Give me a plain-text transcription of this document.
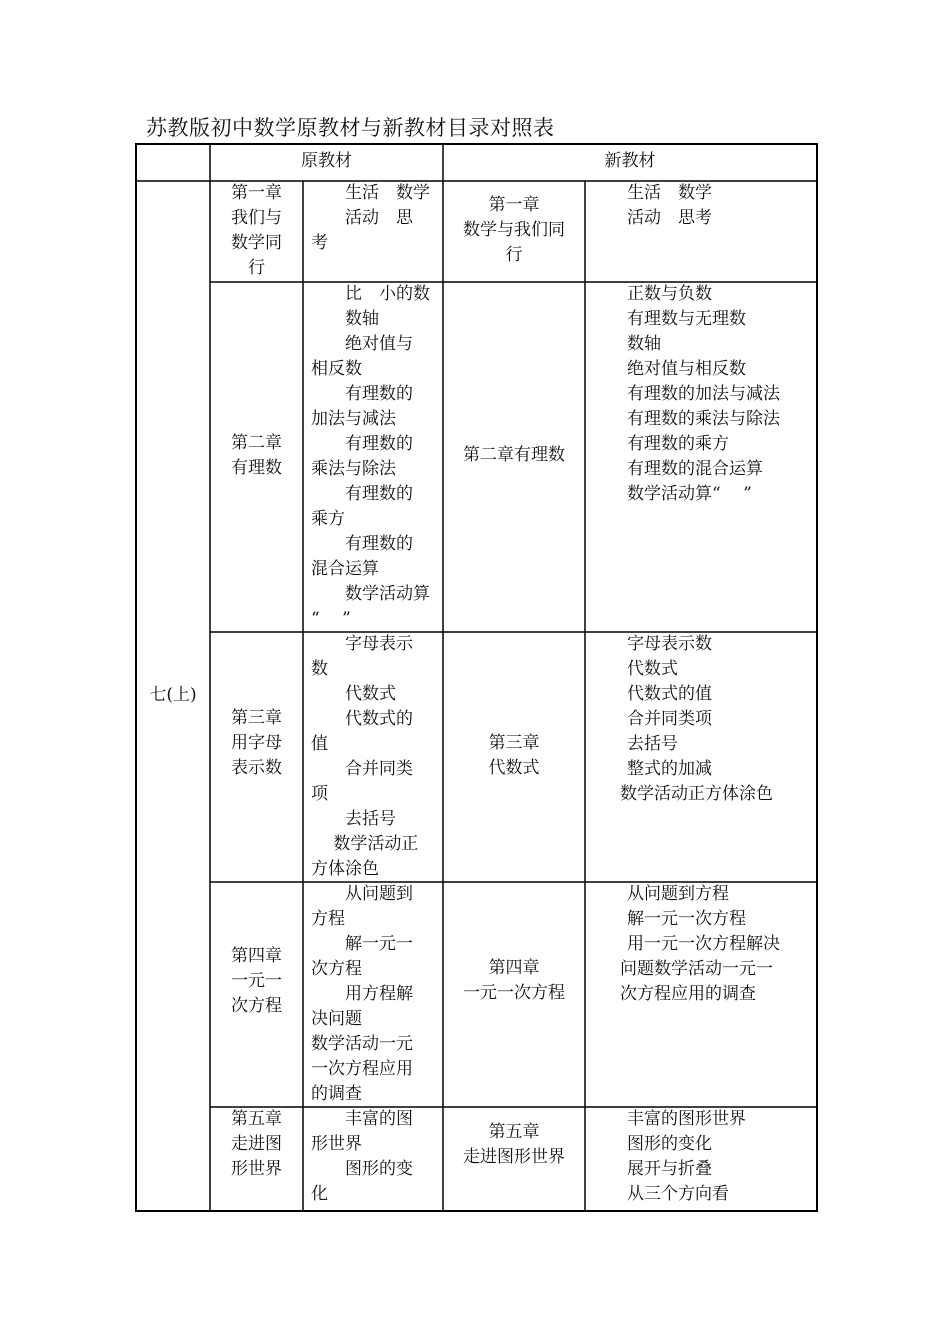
苏教版初中数学原教材与新教材目录对照表
原教材	新教材
七(上)
第一章
我们与
数学同
行
　　生活　数学
　　活动　思
考
第一章
数学与我们同
行
　生活　数学
　活动　思考
第二章
有理数
　　比　小的数
　　数轴
　　绝对值与
相反数
　　有理数的
加法与减法
　　有理数的
乘法与除法
　　有理数的
乘方
　　有理数的
混合运算
　　数学活动算
“　 ”
第二章有理数
　正数与负数
　有理数与无理数
　数轴
　绝对值与相反数
　有理数的加法与减法
　有理数的乘法与除法
　有理数的乘方
　有理数的混合运算
　数学活动算“　 ”
第三章
用字母
表示数
　　字母表示
数
　　代数式
　　代数式的
值
　　合并同类
项
　　去括号
　 数学活动正
方体涂色
第三章
代数式
　字母表示数
　代数式
　代数式的值
　合并同类项
　去括号
　整式的加减
数学活动正方体涂色
第四章
一元一
次方程
　　从问题到
方程
　　解一元一
次方程
　　用方程解
决问题
数学活动一元
一次方程应用
的调查
第四章
一元一次方程
　从问题到方程
　解一元一次方程
　用一元一次方程解决
问题数学活动一元一
次方程应用的调查
第五章
走进图
形世界
　　丰富的图
形世界
　　图形的变
化
第五章
走进图形世界
　丰富的图形世界
　图形的变化
　展开与折叠
　从三个方向看
